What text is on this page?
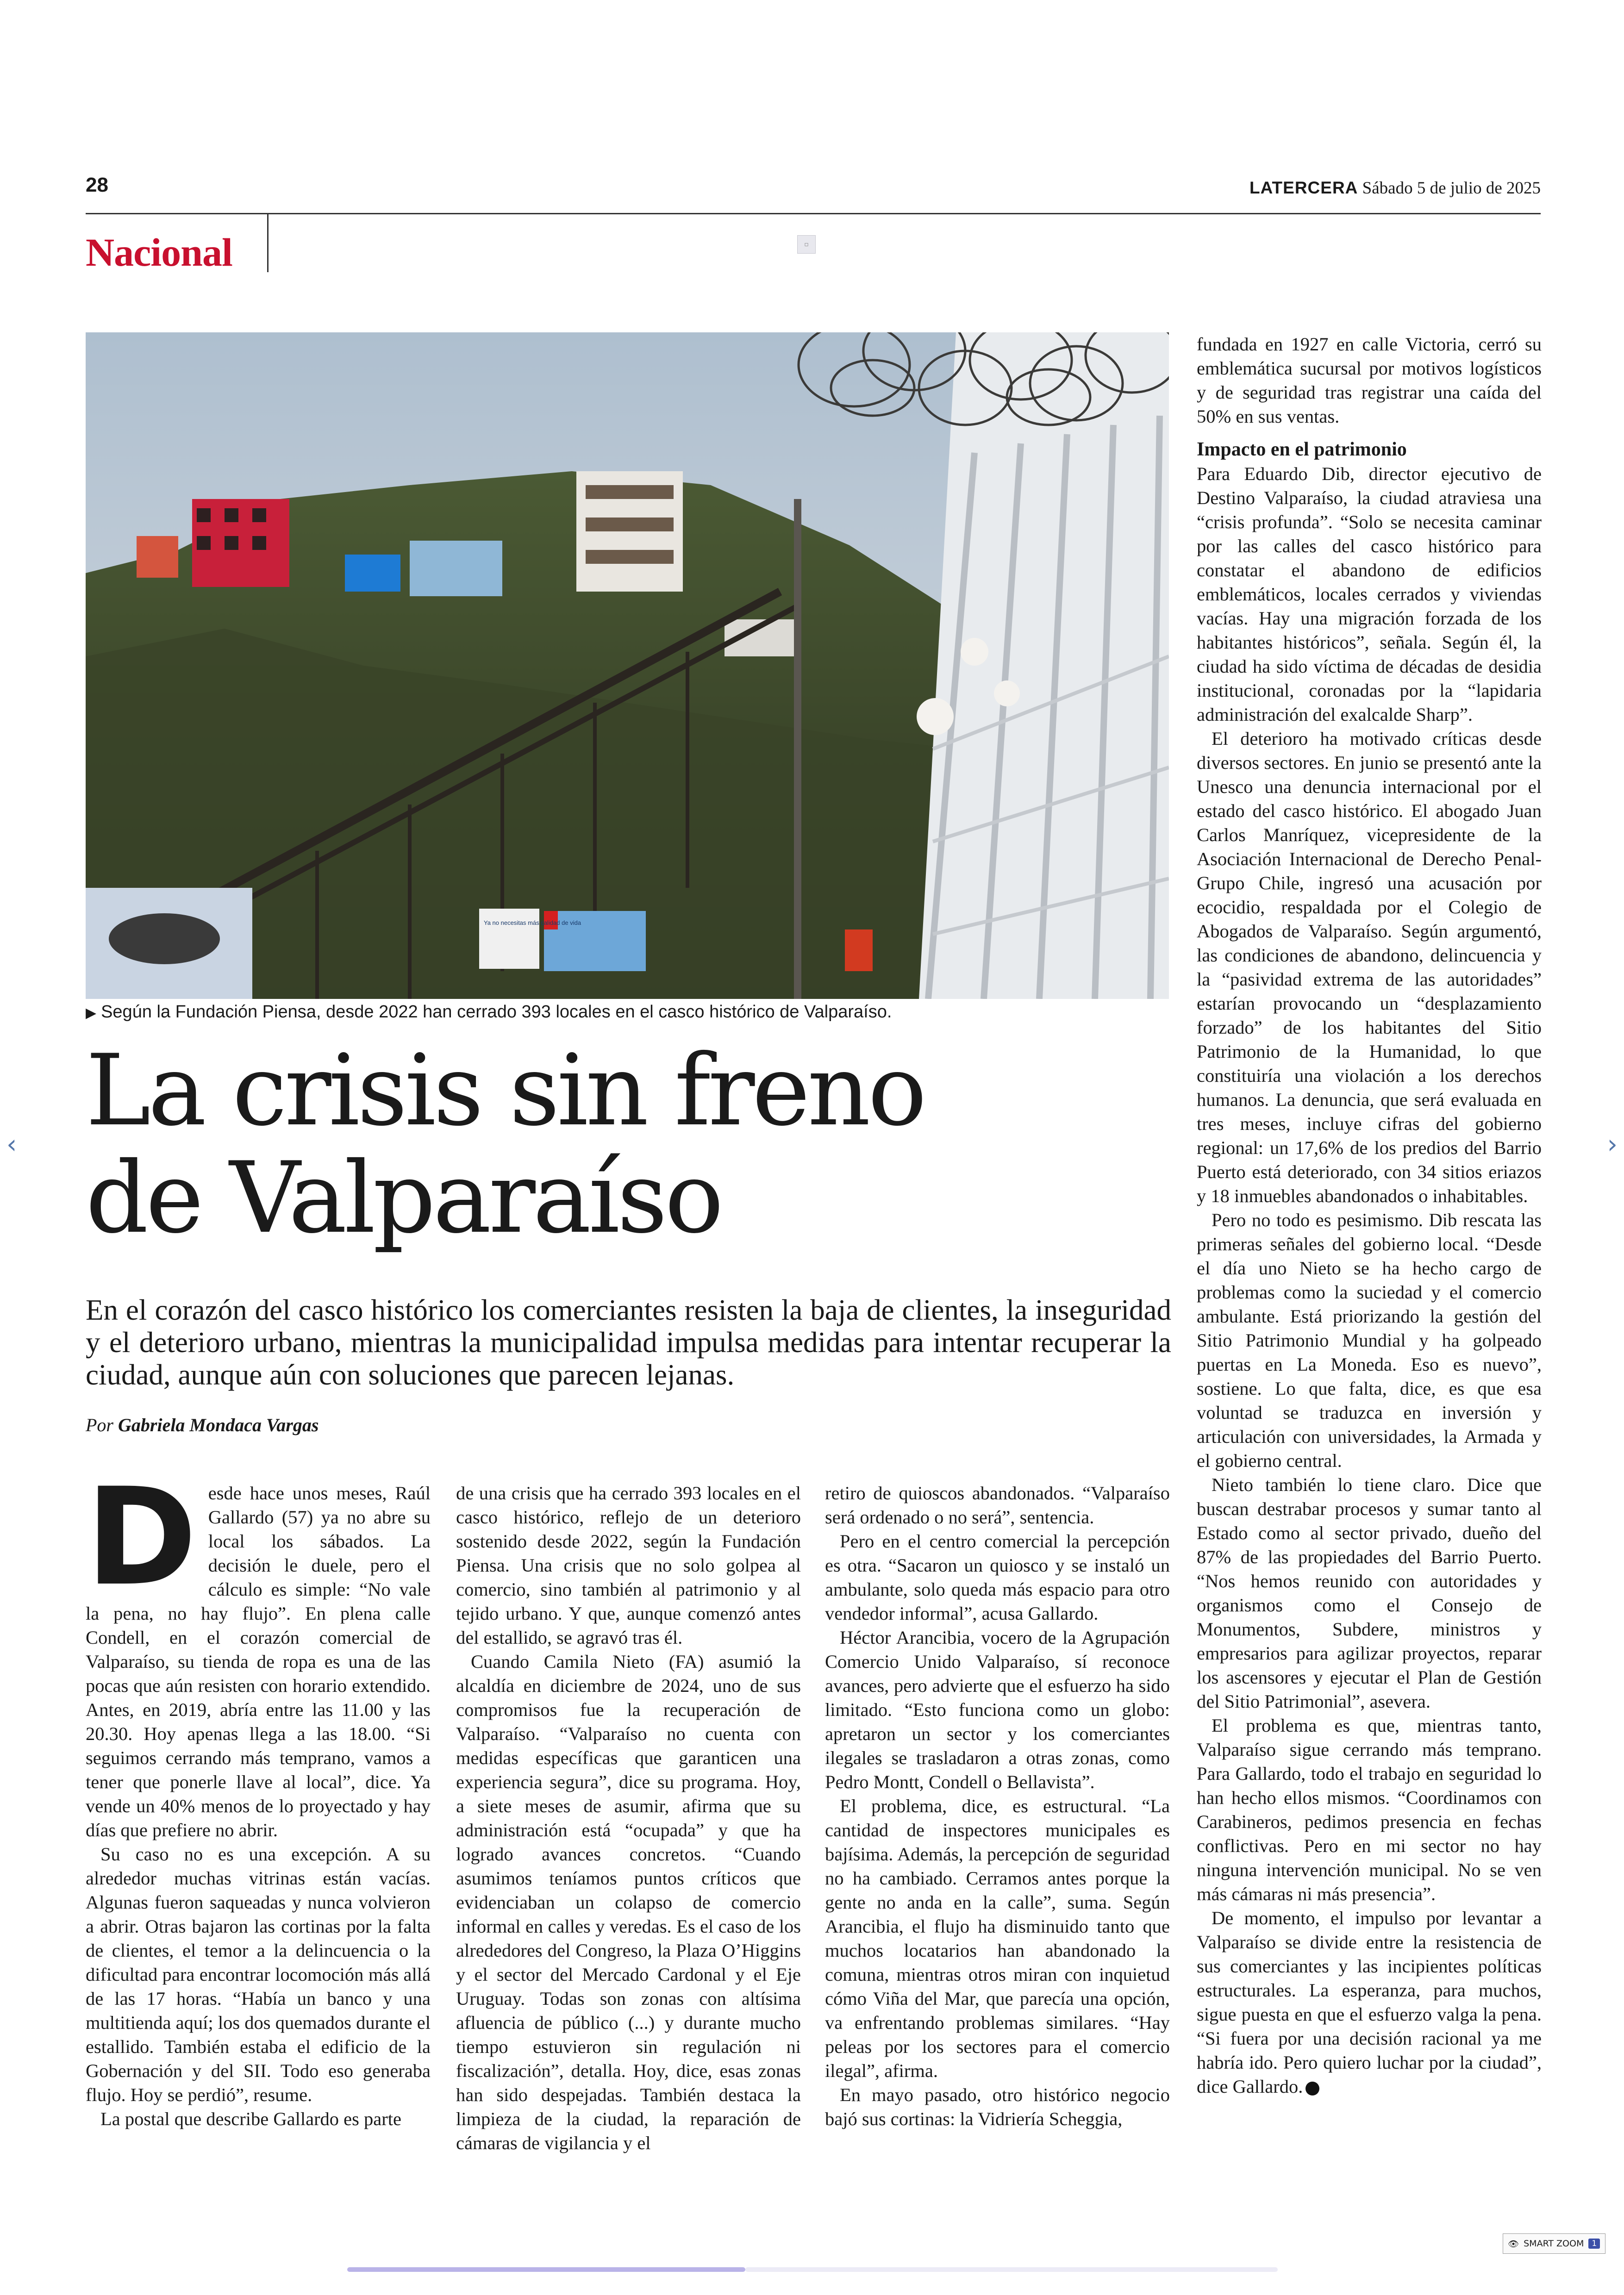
28	LATERCERA Sábado 5 de julio de 2025
Nacional	▫
Ya no necesitas más calidad de vida
▶ Según la Fundación Piensa, desde 2022 han cerrado 393 locales en el casco histórico de Valparaíso.
La crisis sin freno
de Valparaíso
En el corazón del casco histórico los comerciantes resisten la baja de clientes, la inseguridad y el deterioro urbano, mientras la municipalidad impulsa medidas para intentar recuperar la ciudad, aunque aún con soluciones que parecen lejanas.
Por Gabriela Mondaca Vargas

Desde hace unos meses, Raúl Gallardo (57) ya no abre su local los sábados. La decisión le duele, pero el cálculo es simple: “No vale la pena, no hay flujo”. En plena calle Condell, en el corazón comercial de Valparaíso, su tienda de ropa es una de las pocas que aún resisten con horario extendido. Antes, en 2019, abría entre las 11.00 y las 20.30. Hoy apenas llega a las 18.00. “Si seguimos cerrando más temprano, vamos a tener que ponerle llave al local”, dice. Ya vende un 40% menos de lo proyectado y hay días que prefiere no abrir.

Su caso no es una excepción. A su alrededor muchas vitrinas están vacías. Algunas fueron saqueadas y nunca volvieron a abrir. Otras bajaron las cortinas por la falta de clientes, el temor a la delincuencia o la dificultad para encontrar locomoción más allá de las 17 horas. “Había un banco y una multitienda aquí; los dos quemados durante el estallido. También estaba el edificio de la Gobernación y del SII. Todo eso generaba flujo. Hoy se perdió”, resume.

La postal que describe Gallardo es parte

de una crisis que ha cerrado 393 locales en el casco histórico, reflejo de un deterioro sostenido desde 2022, según la Fundación Piensa. Una crisis que no solo golpea al comercio, sino también al patrimonio y al tejido urbano. Y que, aunque comenzó antes del estallido, se agravó tras él.

Cuando Camila Nieto (FA) asumió la alcaldía en diciembre de 2024, uno de sus compromisos fue la recuperación de Valparaíso. “Valparaíso no cuenta con medidas específicas que garanticen una experiencia segura”, dice su programa. Hoy, a siete meses de asumir, afirma que su administración está “ocupada” y que ha logrado avances concretos. “Cuando asumimos teníamos puntos críticos que evidenciaban un colapso de comercio informal en calles y veredas. Es el caso de los alrededores del Congreso, la Plaza O’Higgins y el sector del Mercado Cardonal y el Eje Uruguay. Todas son zonas con altísima afluencia de público (...) y durante mucho tiempo estuvieron sin regulación ni fiscalización”, detalla. Hoy, dice, esas zonas han sido despejadas. También destaca la limpieza de la ciudad, la reparación de cámaras de vigilancia y el

retiro de quioscos abandonados. “Valparaíso será ordenado o no será”, sentencia.

Pero en el centro comercial la percepción es otra. “Sacaron un quiosco y se instaló un ambulante, solo queda más espacio para otro vendedor informal”, acusa Gallardo.

Héctor Arancibia, vocero de la Agrupación Comercio Unido Valparaíso, sí reconoce avances, pero advierte que el esfuerzo ha sido limitado. “Esto funciona como un globo: apretaron un sector y los comerciantes ilegales se trasladaron a otras zonas, como Pedro Montt, Condell o Bellavista”.

El problema, dice, es estructural. “La cantidad de inspectores municipales es bajísima. Además, la percepción de seguridad no ha cambiado. Cerramos antes porque la gente no anda en la calle”, suma. Según Arancibia, el flujo ha disminuido tanto que muchos locatarios han abandonado la comuna, mientras otros miran con inquietud cómo Viña del Mar, que parecía una opción, va enfrentando problemas similares. “Hay peleas por los sectores para el comercio ilegal”, afirma.

En mayo pasado, otro histórico negocio bajó sus cortinas: la Vidriería Scheggia,

fundada en 1927 en calle Victoria, cerró su emblemática sucursal por motivos logísticos y de seguridad tras registrar una caída del 50% en sus ventas.

Impacto en el patrimonio

Para Eduardo Dib, director ejecutivo de Destino Valparaíso, la ciudad atraviesa una “crisis profunda”. “Solo se necesita caminar por las calles del casco histórico para constatar el abandono de edificios emblemáticos, locales cerrados y viviendas vacías. Hay una migración forzada de los habitantes históricos”, señala. Según él, la ciudad ha sido víctima de décadas de desidia institucional, coronadas por la “lapidaria administración del exalcalde Sharp”.

El deterioro ha motivado críticas desde diversos sectores. En junio se presentó ante la Unesco una denuncia internacional por el estado del casco histórico. El abogado Juan Carlos Manríquez, vicepresidente de la Asociación Internacional de Derecho Penal-Grupo Chile, ingresó una acusación por ecocidio, respaldada por el Colegio de Abogados de Valparaíso. Según argumentó, las condiciones de abandono, delincuencia y la “pasividad extrema de las autoridades” estarían provocando un “desplazamiento forzado” de los habitantes del Sitio Patrimonio de la Humanidad, lo que constituiría una violación a los derechos humanos. La denuncia, que será evaluada en tres meses, incluye cifras del gobierno regional: un 17,6% de los predios del Barrio Puerto está deteriorado, con 34 sitios eriazos y 18 inmuebles abandonados o inhabitables.

Pero no todo es pesimismo. Dib rescata las primeras señales del gobierno local. “Desde el día uno Nieto se ha hecho cargo de problemas como la suciedad y el comercio ambulante. Está priorizando la gestión del Sitio Patrimonio Mundial y ha golpeado puertas en La Moneda. Eso es nuevo”, sostiene. Lo que falta, dice, es que esa voluntad se traduzca en inversión y articulación con universidades, la Armada y el gobierno central.

Nieto también lo tiene claro. Dice que buscan destrabar procesos y sumar tanto al Estado como al sector privado, dueño del 87% de las propiedades del Barrio Puerto. “Nos hemos reunido con autoridades y organismos como el Consejo de Monumentos, Subdere, ministros y empresarios para agilizar proyectos, reparar los ascensores y ejecutar el Plan de Gestión del Sitio Patrimonial”, asevera.

El problema es que, mientras tanto, Valparaíso sigue cerrando más temprano. Para Gallardo, todo el trabajo en seguridad lo han hecho ellos mismos. “Coordinamos con Carabineros, pedimos presencia en fechas conflictivas. Pero en mi sector no hay ninguna intervención municipal. No se ven más cámaras ni más presencia”.

De momento, el impulso por levantar a Valparaíso se divide entre la resistencia de sus comerciantes y las incipientes políticas estructurales. La esperanza, para muchos, sigue puesta en que el esfuerzo valga la pena. “Si fuera por una decisión racional ya me habría ido. Pero quiero luchar por la ciudad”, dice Gallardo.

‹	›
👁 SMART ZOOM	1
